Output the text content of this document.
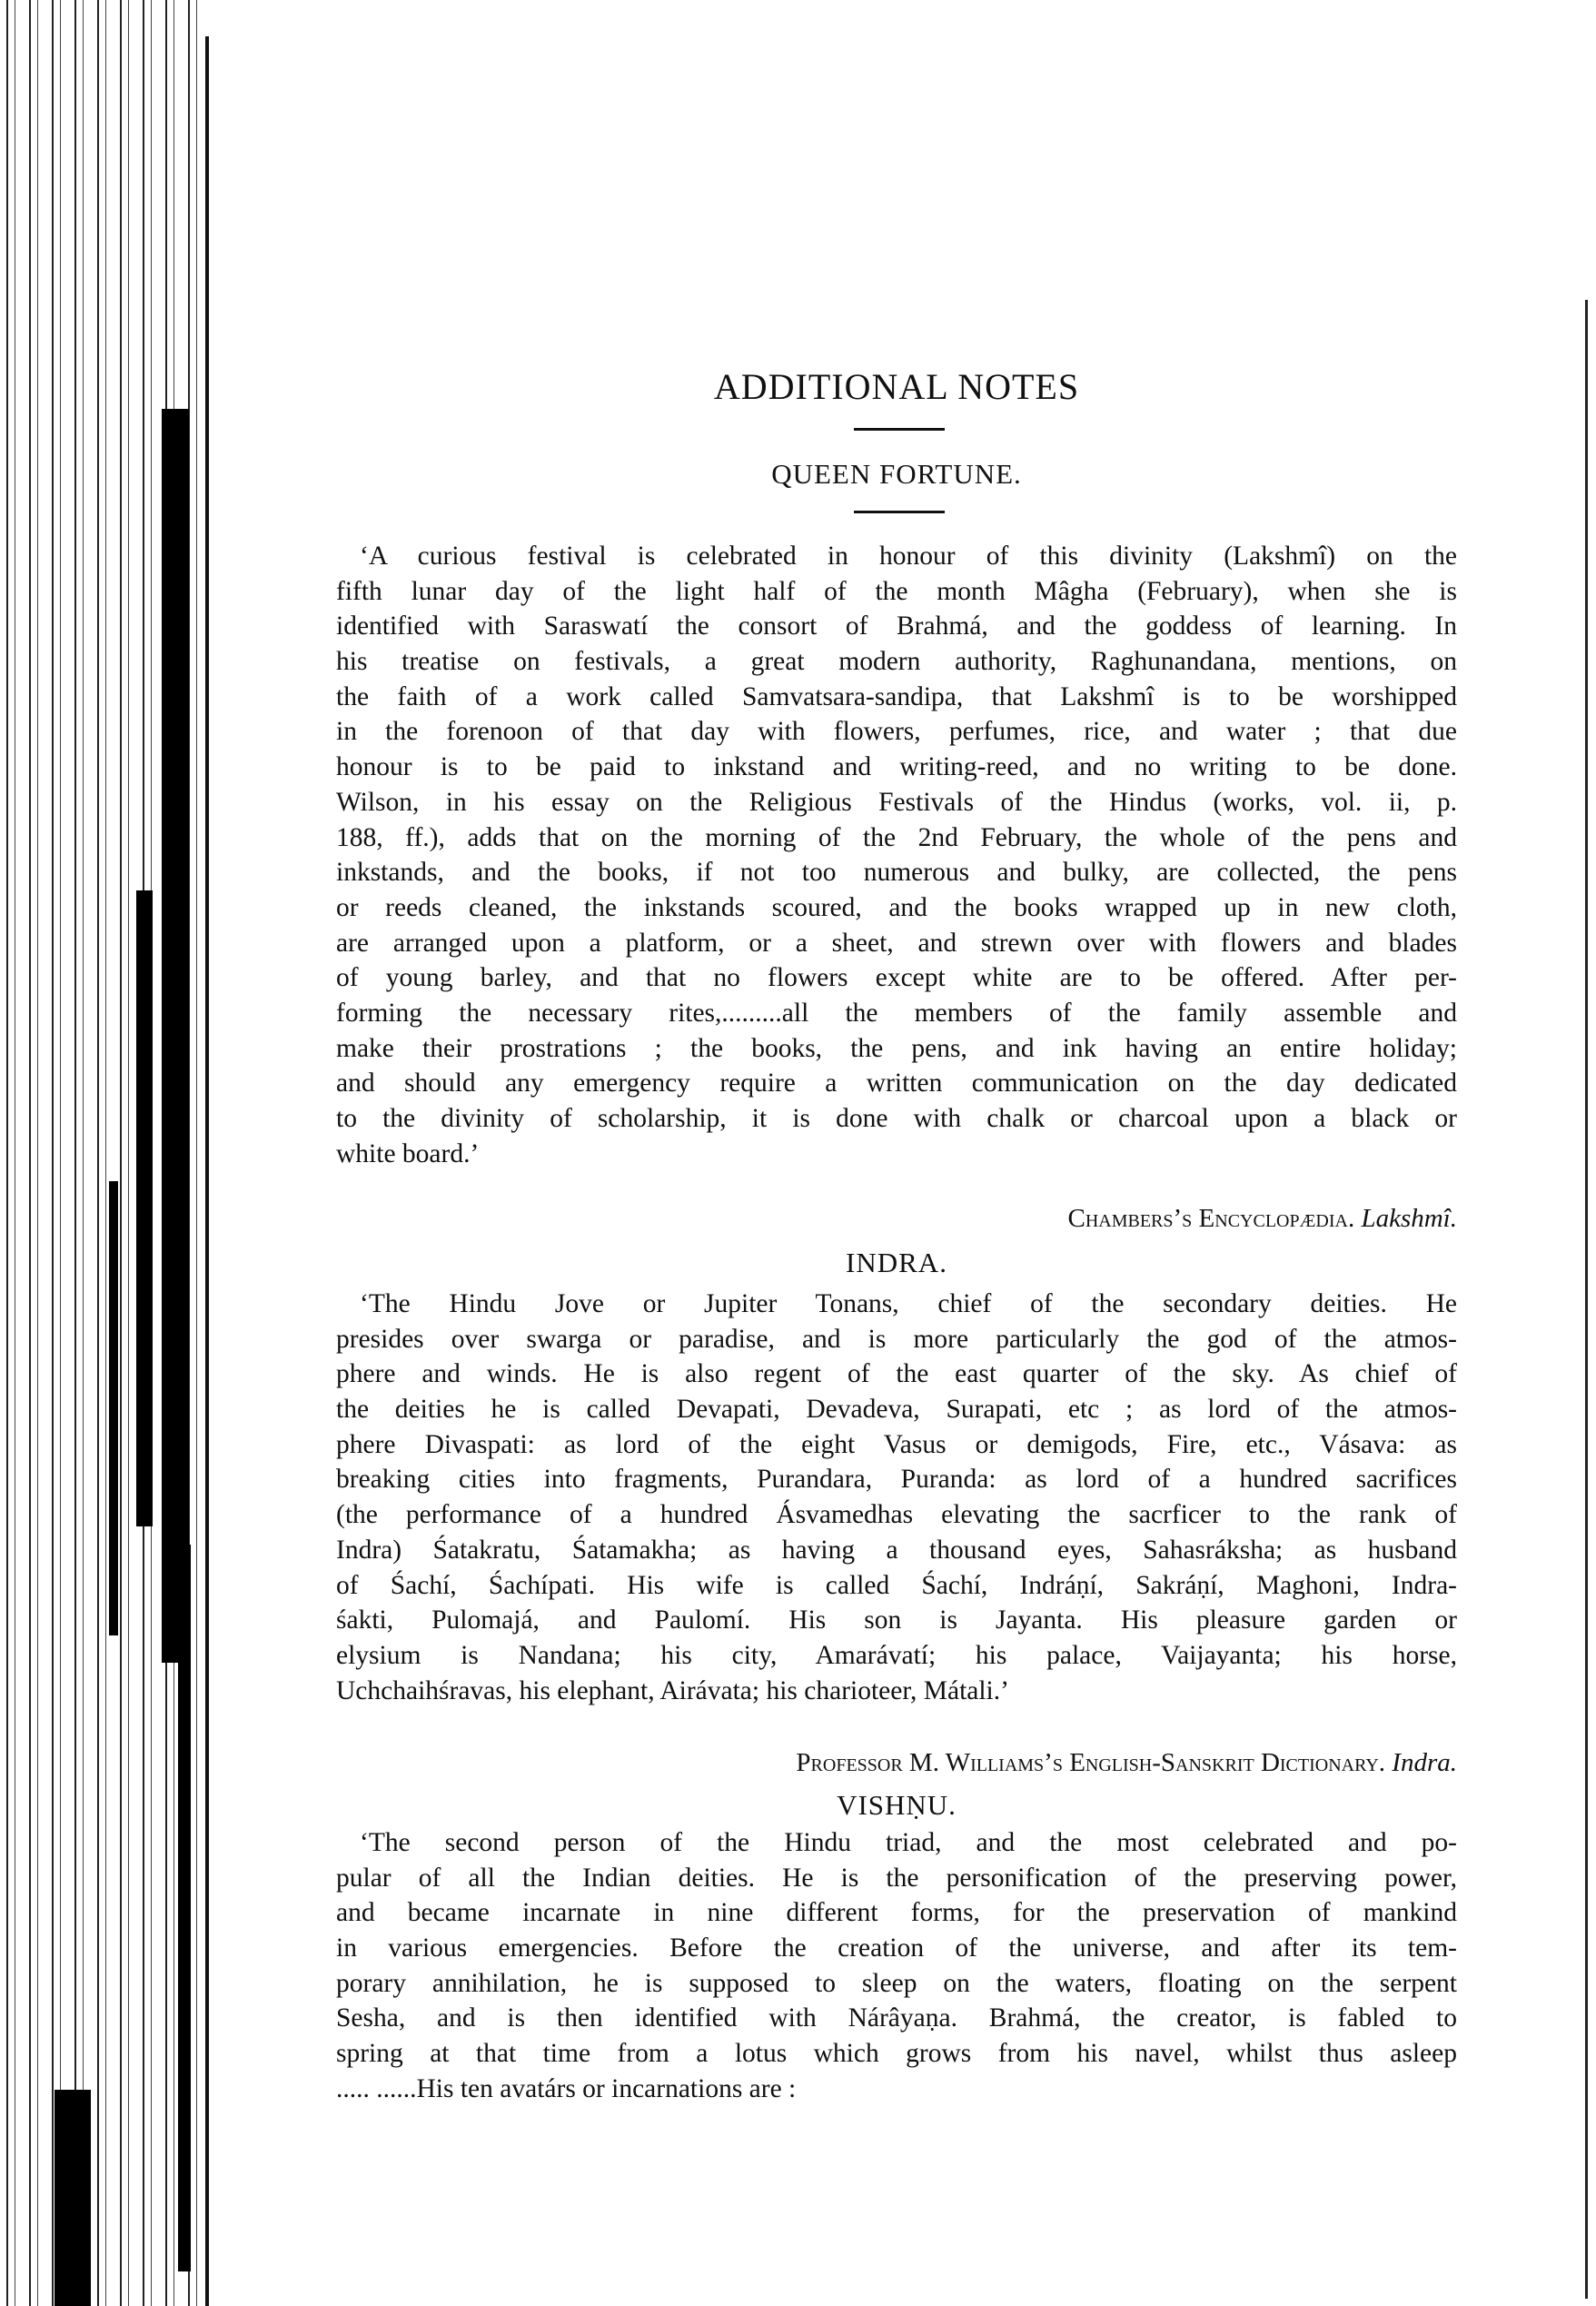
ADDITIONAL NOTES
QUEEN FORTUNE.
‘A curious festival is celebrated in honour of this divinity (Lakshmî) on the
fifth lunar day of the light half of the month Mâgha (February), when she is
identified with Saraswatí the consort of Brahmá, and the goddess of learning. In
his treatise on festivals, a great modern authority, Raghunandana, mentions, on
the faith of a work called Samvatsara-sandipa, that Lakshmî is to be worshipped
in the forenoon of that day with flowers, perfumes, rice, and water ; that due
honour is to be paid to inkstand and writing-reed, and no writing to be done.
Wilson, in his essay on the Religious Festivals of the Hindus (works, vol. ii, p.
188, ff.), adds that on the morning of the 2nd February, the whole of the pens and
inkstands, and the books, if not too numerous and bulky, are collected, the pens
or reeds cleaned, the inkstands scoured, and the books wrapped up in new cloth,
are arranged upon a platform, or a sheet, and strewn over with flowers and blades
of young barley, and that no flowers except white are to be offered. After per-
forming the necessary rites,.........all the members of the family assemble and
make their prostrations ; the books, the pens, and ink having an entire holiday;
and should any emergency require a written communication on the day dedicated
to the divinity of scholarship, it is done with chalk or charcoal upon a black or
white board.’
Chambers’s Encyclopædia. Lakshmî.
INDRA.
‘The Hindu Jove or Jupiter Tonans, chief of the secondary deities. He
presides over swarga or paradise, and is more particularly the god of the atmos-
phere and winds. He is also regent of the east quarter of the sky. As chief of
the deities he is called Devapati, Devadeva, Surapati, etc ; as lord of the atmos-
phere Divaspati: as lord of the eight Vasus or demigods, Fire, etc., Vásava: as
breaking cities into fragments, Purandara, Puranda: as lord of a hundred sacrifices
(the performance of a hundred Ásvamedhas elevating the sacrficer to the rank of
Indra) Śatakratu, Śatamakha; as having a thousand eyes, Sahasráksha; as husband
of Śachí, Śachípati. His wife is called Śachí, Indráṇí, Sakráṇí, Maghoni, Indra-
śakti, Pulomajá, and Paulomí. His son is Jayanta. His pleasure garden or
elysium is Nandana; his city, Amarávatí; his palace, Vaijayanta; his horse,
Uchchaihśravas, his elephant, Airávata; his charioteer, Mátali.’
Professor M. Williams’s English-Sanskrit Dictionary. Indra.
VISHṆU.
‘The second person of the Hindu triad, and the most celebrated and po-
pular of all the Indian deities. He is the personification of the preserving power,
and became incarnate in nine different forms, for the preservation of mankind
in various emergencies. Before the creation of the universe, and after its tem-
porary annihilation, he is supposed to sleep on the waters, floating on the serpent
Sesha, and is then identified with Nárâyaṇa. Brahmá, the creator, is fabled to
spring at that time from a lotus which grows from his navel, whilst thus asleep
..... ......His ten avatárs or incarnations are :
